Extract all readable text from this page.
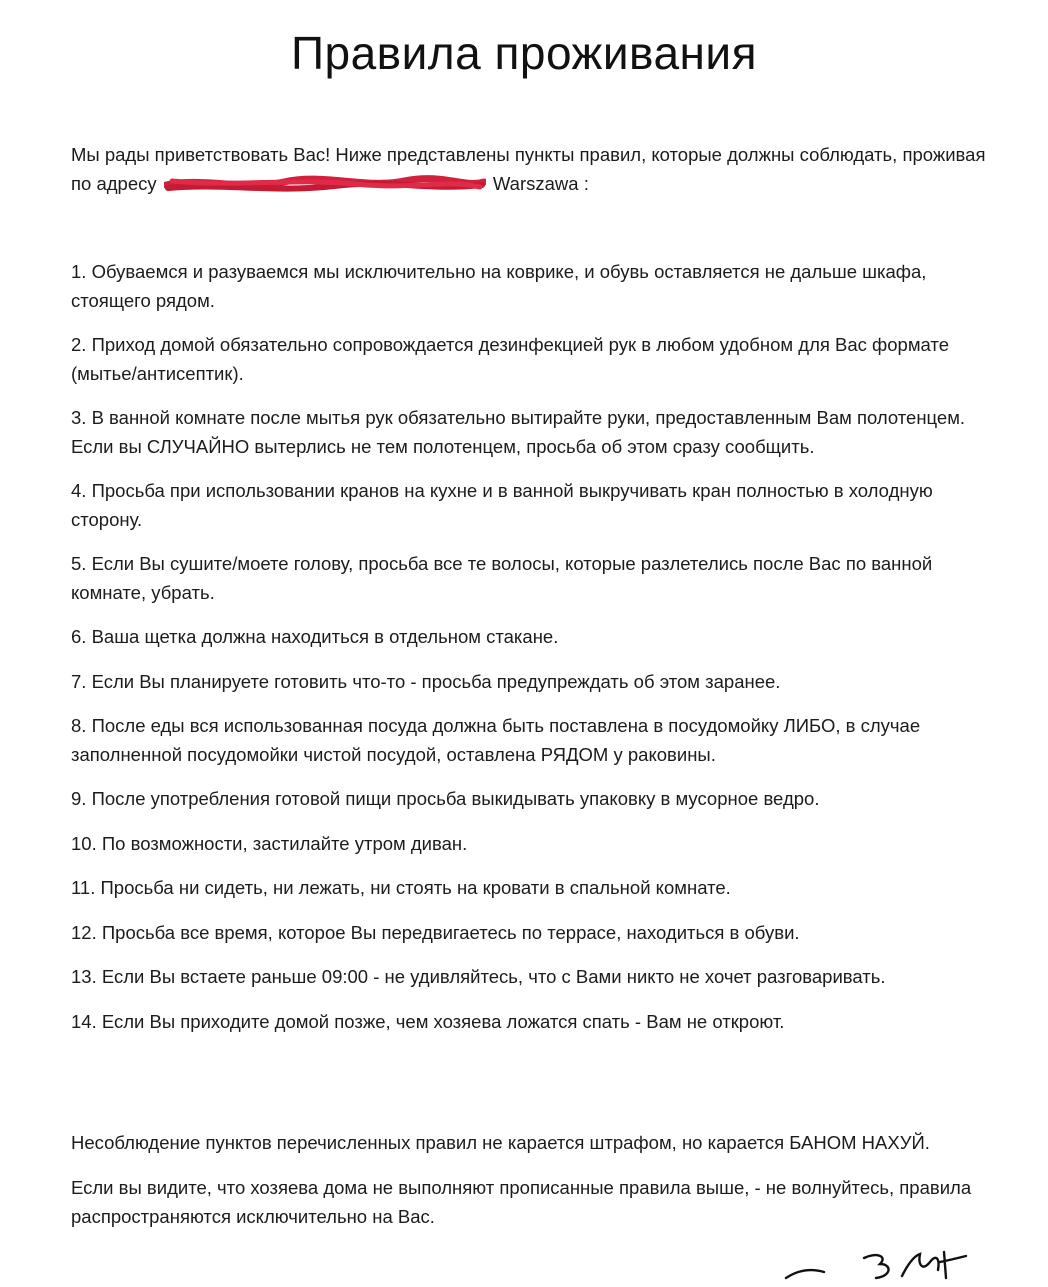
Правила проживания
Мы рады приветствовать Вас! Ниже представлены пункты правил, которые должны соблюдать, проживая по адресу	Warszawa :
1. Обуваемся и разуваемся мы исключительно на коврике, и обувь оставляется не дальше шкафа, стоящего рядом.
2. Приход домой обязательно сопровождается дезинфекцией рук в любом удобном для Вас формате (мытье/антисептик).
3. В ванной комнате после мытья рук обязательно вытирайте руки, предоставленным Вам полотенцем. Если вы СЛУЧАЙНО вытерлись не тем полотенцем, просьба об этом сразу сообщить.
4. Просьба при использовании кранов на кухне и в ванной выкручивать кран полностью в холодную сторону.
5. Если Вы сушите/моете голову, просьба все те волосы, которые разлетелись после Вас по ванной комнате, убрать.
6. Ваша щетка должна находиться в отдельном стакане.
7. Если Вы планируете готовить что-то - просьба предупреждать об этом заранее.
8. После еды вся использованная посуда должна быть поставлена в посудомойку ЛИБО, в случае заполненной посудомойки чистой посудой, оставлена РЯДОМ у раковины.
9. После употребления готовой пищи просьба выкидывать упаковку в мусорное ведро.
10. По возможности, застилайте утром диван.
11. Просьба ни сидеть, ни лежать, ни стоять на кровати в спальной комнате.
12. Просьба все время, которое Вы передвигаетесь по террасе, находиться в обуви.
13. Если Вы встаете раньше 09:00 - не удивляйтесь, что с Вами никто не хочет разговаривать.
14. Если Вы приходите домой позже, чем хозяева ложатся спать - Вам не откроют.

Несоблюдение пунктов перечисленных правил не карается штрафом, но карается БАНОМ НАХУЙ.

Если вы видите, что хозяева дома не выполняют прописанные правила выше, - не волнуйтесь, правила распространяются исключительно на Вас.
